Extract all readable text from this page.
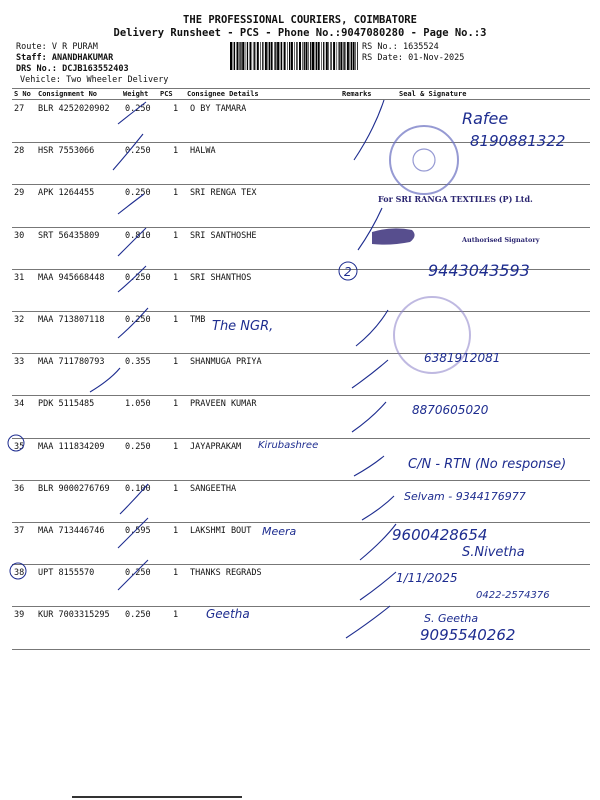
THE PROFESSIONAL COURIERS, COIMBATORE
Delivery Runsheet - PCS - Phone No.:9047080280 - Page No.:3
Route: V R PURAM
Staff: ANANDHAKUMAR
DRS No.: DCJB163552403
Vehicle: Two Wheeler Delivery
RS No.: 1635524
RS Date: 01-Nov-2025
S No Consignment No	Weight PCS Consignee Details	Remarks	Seal & Signature
27 BLR 4252020902 0.250	1 O BY TAMARA
28 HSR 7553066	0.250	1 HALWA
29 APK 1264455	0.250	1 SRI RENGA TEX
30 SRT 56435809	0.810	1 SRI SANTHOSHE
31 MAA 945668448 0.250	1 SRI SHANTHOS
32 MAA 713807118 0.250	1 TMB
33 MAA 711780793 0.355	1 SHANMUGA PRIYA
34 PDK 5115485	1.050	1 PRAVEEN KUMAR
35 MAA 111834209 0.250	1 JAYAPRAKAM
36 BLR 9000276769 0.100	1 SANGEETHA
37 MAA 713446746 0.595	1 LAKSHMI BOUT
38 UPT 8155570	0.250	1 THANKS REGRADS
39 KUR 7003315295 0.250	1
Rafee
8190881322
For SRI RANGA TEXTILES (P) Ltd.
Authorised Signatory
2	9443043593
The NGR,
6381912081
8870605020
Kirubashree
C/N - RTN (No response)
Selvam - 9344176977
Meera	9600428654
S.Nivetha
1/11/2025
0422-2574376
Geetha	S. Geetha
9095540262
